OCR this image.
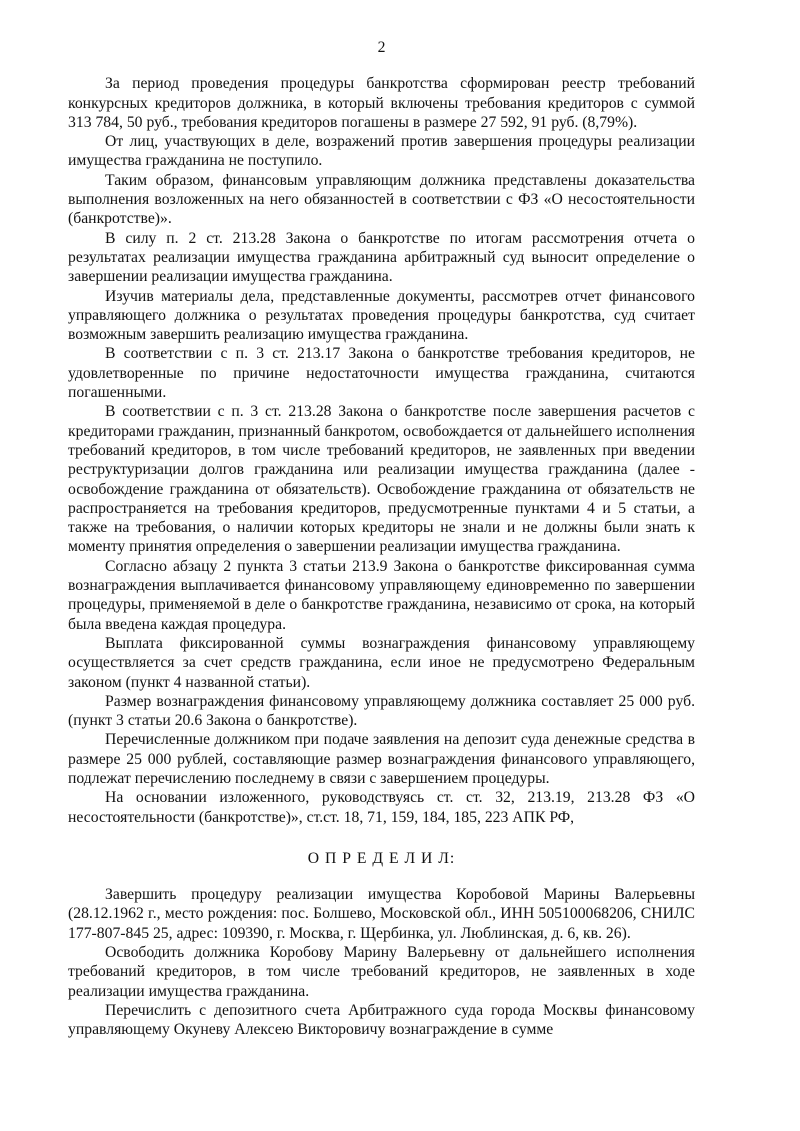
2

За период проведения процедуры банкротства сформирован реестр требований конкурсных кредиторов должника, в который включены требования кредиторов с суммой 313 784, 50 руб., требования кредиторов погашены в размере 27 592, 91 руб. (8,79%).

От лиц, участвующих в деле, возражений против завершения процедуры реализации имущества гражданина не поступило.

Таким образом, финансовым управляющим должника представлены доказательства выполнения возложенных на него обязанностей в соответствии с ФЗ «О несостоятельности (банкротстве)».

В силу п. 2 ст. 213.28 Закона о банкротстве по итогам рассмотрения отчета о результатах реализации имущества гражданина арбитражный суд выносит определение о завершении реализации имущества гражданина.

Изучив материалы дела, представленные документы, рассмотрев отчет финансового управляющего должника о результатах проведения процедуры банкротства, суд считает возможным завершить реализацию имущества гражданина.

В соответствии с п. 3 ст. 213.17 Закона о банкротстве требования кредиторов, не удовлетворенные по причине недостаточности имущества гражданина, считаются погашенными.

В соответствии с п. 3 ст. 213.28 Закона о банкротстве после завершения расчетов с кредиторами гражданин, признанный банкротом, освобождается от дальнейшего исполнения требований кредиторов, в том числе требований кредиторов, не заявленных при введении реструктуризации долгов гражданина или реализации имущества гражданина (далее - освобождение гражданина от обязательств). Освобождение гражданина от обязательств не распространяется на требования кредиторов, предусмотренные пунктами 4 и 5 статьи, а также на требования, о наличии которых кредиторы не знали и не должны были знать к моменту принятия определения о завершении реализации имущества гражданина.

Согласно абзацу 2 пункта 3 статьи 213.9 Закона о банкротстве фиксированная сумма вознаграждения выплачивается финансовому управляющему единовременно по завершении процедуры, применяемой в деле о банкротстве гражданина, независимо от срока, на который была введена каждая процедура.

Выплата фиксированной суммы вознаграждения финансовому управляющему осуществляется за счет средств гражданина, если иное не предусмотрено Федеральным законом (пункт 4 названной статьи).

Размер вознаграждения финансовому управляющему должника составляет 25 000 руб. (пункт 3 статьи 20.6 Закона о банкротстве).

Перечисленные должником при подаче заявления на депозит суда денежные средства в размере 25 000 рублей, составляющие размер вознаграждения финансового управляющего, подлежат перечислению последнему в связи с завершением процедуры.

На основании изложенного, руководствуясь ст. ст. 32, 213.19, 213.28 ФЗ «О несостоятельности (банкротстве)», ст.ст. 18, 71, 159, 184, 185, 223 АПК РФ,

О П Р Е Д Е Л И Л:

Завершить процедуру реализации имущества Коробовой Марины Валерьевны (28.12.1962 г., место рождения: пос. Болшево, Московской обл., ИНН 505100068206, СНИЛС 177-807-845 25, адрес: 109390, г. Москва, г. Щербинка, ул. Люблинская, д. 6, кв. 26).

Освободить должника Коробову Марину Валерьевну от дальнейшего исполнения требований кредиторов, в том числе требований кредиторов, не заявленных в ходе реализации имущества гражданина.

Перечислить с депозитного счета Арбитражного суда города Москвы финансовому управляющему Окуневу Алексею Викторовичу вознаграждение в сумме
